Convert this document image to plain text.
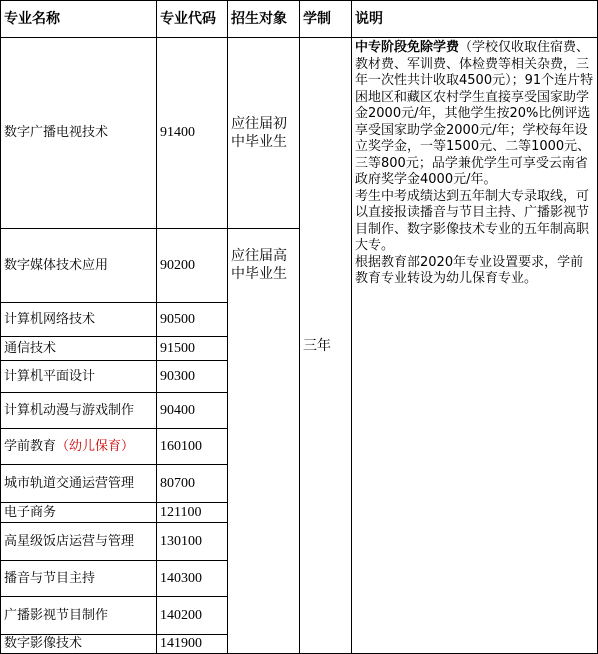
专业名称	专业代码	招生对象	学制	说明
数字广播电视技术	91400	应往届初中毕业生	三年	中专阶段免除学费（学校仅收取住宿费、教材费、军训费、体检费等相关杂费，三年一次性共计收取4500元）；91个连片特困地区和藏区农村学生直接享受国家助学金2000元/年，其他学生按20%比例评选享受国家助学金2000元/年；学校每年设立奖学金，一等1500元、二等1000元、三等800元；品学兼优学生可享受云南省政府奖学金4000元/年。

考生中考成绩达到五年制大专录取线，可以直接报读播音与节目主持、广播影视节目制作、数字影像技术专业的五年制高职大专。

根据教育部2020年专业设置要求，学前教育专业转设为幼儿保育专业。

数字媒体技术应用	90200	应往届高中毕业生		
计算机网络技术	90500			
通信技术	91500			
计算机平面设计	90300			
计算机动漫与游戏制作	90400			
学前教育（幼儿保育）	160100			
城市轨道交通运营管理	80700			
电子商务	121100			
高星级饭店运营与管理	130100			
播音与节目主持	140300			
广播影视节目制作	140200			
数字影像技术	141900			
